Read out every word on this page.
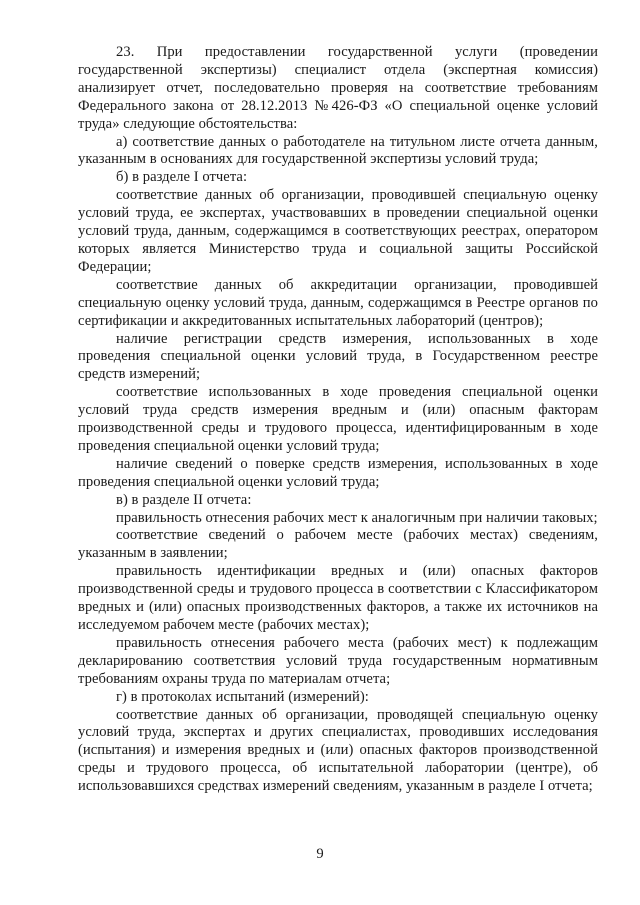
23. При предоставлении государственной услуги (проведении государственной экспертизы) специалист отдела (экспертная комиссия) анализирует отчет, последовательно проверяя на соответствие требованиям Федерального закона от 28.12.2013 №426-ФЗ «О специальной оценке условий труда» следующие обстоятельства:

а) соответствие данных о работодателе на титульном листе отчета данным, указанным в основаниях для государственной экспертизы условий труда;

б) в разделе I отчета:

соответствие данных об организации, проводившей специальную оценку условий труда, ее экспертах, участвовавших в проведении специальной оценки условий труда, данным, содержащимся в соответствующих реестрах, оператором которых является Министерство труда и социальной защиты Российской Федерации;

соответствие данных об аккредитации организации, проводившей специальную оценку условий труда, данным, содержащимся в Реестре органов по сертификации и аккредитованных испытательных лабораторий (центров);

наличие регистрации средств измерения, использованных в ходе проведения специальной оценки условий труда, в Государственном реестре средств измерений;

соответствие использованных в ходе проведения специальной оценки условий труда средств измерения вредным и (или) опасным факторам производственной среды и трудового процесса, идентифицированным в ходе проведения специальной оценки условий труда;

наличие сведений о поверке средств измерения, использованных в ходе проведения специальной оценки условий труда;

в) в разделе II отчета:

правильность отнесения рабочих мест к аналогичным при наличии таковых;

соответствие сведений о рабочем месте (рабочих местах) сведениям, указанным в заявлении;

правильность идентификации вредных и (или) опасных факторов производственной среды и трудового процесса в соответствии с Классификатором вредных и (или) опасных производственных факторов, а также их источников на исследуемом рабочем месте (рабочих местах);

правильность отнесения рабочего места (рабочих мест) к подлежащим декларированию соответствия условий труда государственным нормативным требованиям охраны труда по материалам отчета;

г) в протоколах испытаний (измерений):

соответствие данных об организации, проводящей специальную оценку условий труда, экспертах и других специалистах, проводивших исследования (испытания) и измерения вредных и (или) опасных факторов производственной среды и трудового процесса, об испытательной лаборатории (центре), об использовавшихся средствах измерений сведениям, указанным в разделе I отчета;

9
